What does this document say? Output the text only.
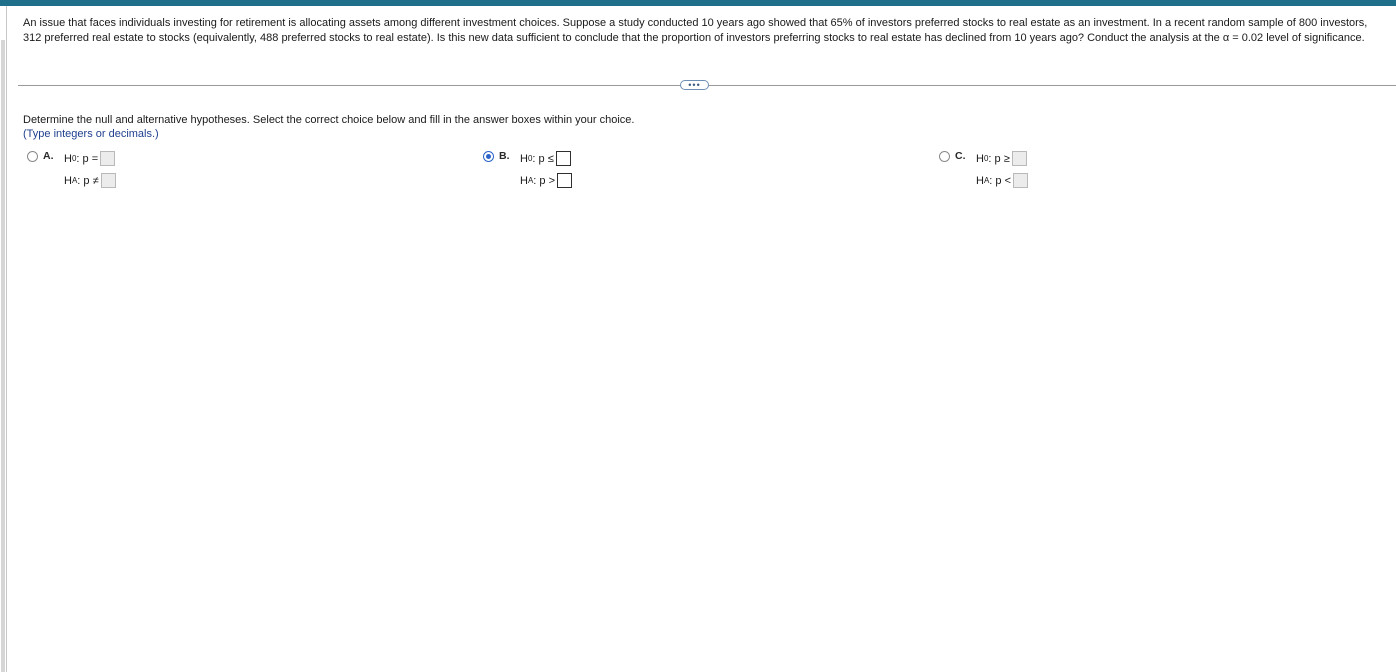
An issue that faces individuals investing for retirement is allocating assets among different investment choices. Suppose a study conducted 10 years ago showed that 65% of investors preferred stocks to real estate as an investment. In a recent random sample of 800 investors, 312 preferred real estate to stocks (equivalently, 488 preferred stocks to real estate). Is this new data sufficient to conclude that the proportion of investors preferring stocks to real estate has declined from 10 years ago? Conduct the analysis at the α = 0.02 level of significance.
•••
Determine the null and alternative hypotheses. Select the correct choice below and fill in the answer boxes within your choice.
(Type integers or decimals.)
A. H 0 : p =
H A : p ≠
B. H 0 : p ≤
H A : p >
C. H 0 : p ≥
H A : p <
